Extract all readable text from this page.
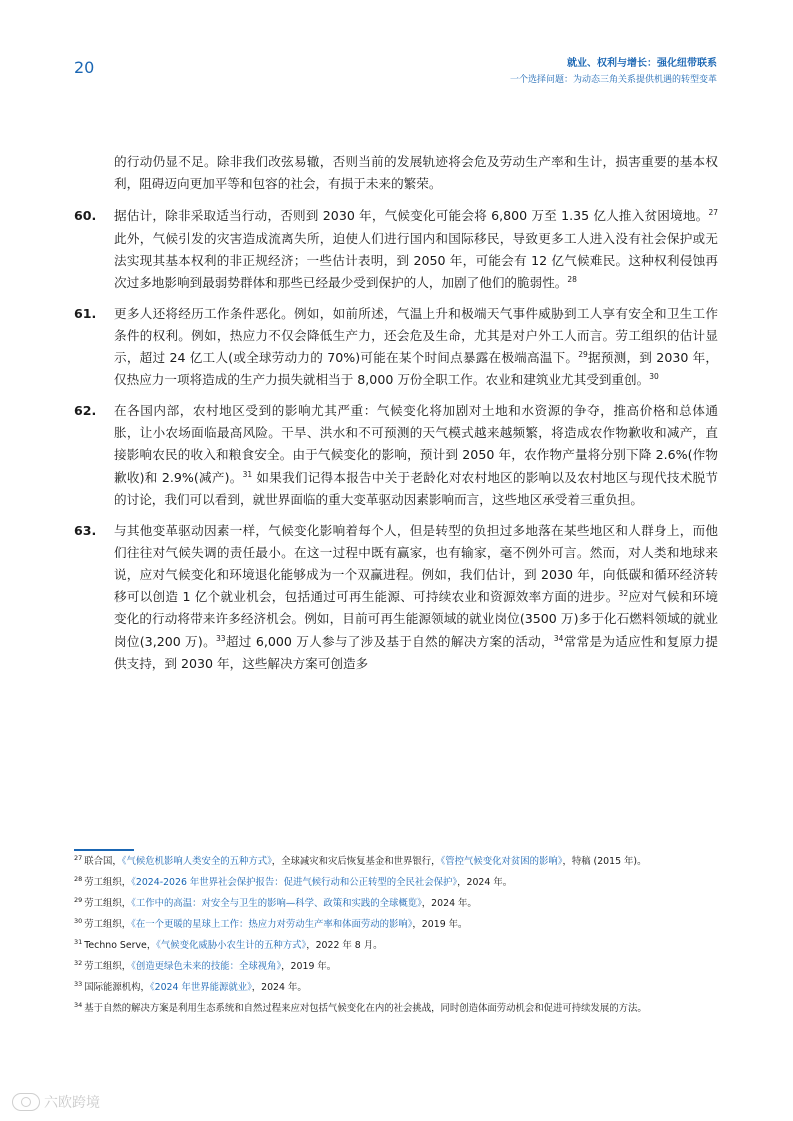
20	就业、权利与增长：强化纽带联系
一个选择问题：为动态三角关系提供机遇的转型变革
的行动仍显不足。除非我们改弦易辙，否则当前的发展轨迹将会危及劳动生产率和生计，损害重要的基本权利，阻碍迈向更加平等和包容的社会，有损于未来的繁荣。
60. 据估计，除非采取适当行动，否则到 2030 年，气候变化可能会将 6,800 万至 1.35 亿人推入贫困境地。$^{27}$ 此外，气候引发的灾害造成流离失所，迫使人们进行国内和国际移民，导致更多工人进入没有社会保护或无法实现其基本权利的非正规经济；一些估计表明，到 2050 年，可能会有 12 亿气候难民。这种权利侵蚀再次过多地影响到最弱势群体和那些已经最少受到保护的人，加剧了他们的脆弱性。$^{28}$
61. 更多人还将经历工作条件恶化。例如，如前所述，气温上升和极端天气事件威胁到工人享有安全和卫生工作条件的权利。例如，热应力不仅会降低生产力，还会危及生命，尤其是对户外工人而言。劳工组织的估计显示，超过 24 亿工人(或全球劳动力的 70%)可能在某个时间点暴露在极端高温下。$^{29}$据预测，到 2030 年，仅热应力一项将造成的生产力损失就相当于 8,000 万份全职工作。农业和建筑业尤其受到重创。$^{30}$
62. 在各国内部，农村地区受到的影响尤其严重：气候变化将加剧对土地和水资源的争夺，推高价格和总体通胀，让小农场面临最高风险。干旱、洪水和不可预测的天气模式越来越频繁，将造成农作物歉收和减产，直接影响农民的收入和粮食安全。由于气候变化的影响，预计到 2050 年，农作物产量将分别下降 2.6%(作物歉收)和 2.9%(减产)。$^{31}$ 如果我们记得本报告中关于老龄化对农村地区的影响以及农村地区与现代技术脱节的讨论，我们可以看到，就世界面临的重大变革驱动因素影响而言，这些地区承受着三重负担。
63. 与其他变革驱动因素一样，气候变化影响着每个人，但是转型的负担过多地落在某些地区和人群身上，而他们往往对气候失调的责任最小。在这一过程中既有赢家，也有输家，毫不例外可言。然而，对人类和地球来说，应对气候变化和环境退化能够成为一个双赢进程。例如，我们估计，到 2030 年，向低碳和循环经济转移可以创造 1 亿个就业机会，包括通过可再生能源、可持续农业和资源效率方面的进步。$^{32}$应对气候和环境变化的行动将带来许多经济机会。例如，目前可再生能源领域的就业岗位(3500 万)多于化石燃料领域的就业岗位(3,200 万)。$^{33}$超过 6,000 万人参与了涉及基于自然的解决方案的活动，$^{34}$常常是为适应性和复原力提供支持，到 2030 年，这些解决方案可创造多
$^{27}$ 联合国，《气候危机影响人类安全的五种方式》，全球减灾和灾后恢复基金和世界银行，《管控气候变化对贫困的影响》，特稿 (2015 年)。
$^{28}$ 劳工组织，《2024-2026 年世界社会保护报告：促进气候行动和公正转型的全民社会保护》，2024 年。
$^{29}$ 劳工组织，《工作中的高温：对安全与卫生的影响—科学、政策和实践的全球概览》，2024 年。
$^{30}$ 劳工组织，《在一个更暖的星球上工作：热应力对劳动生产率和体面劳动的影响》，2019 年。
$^{31}$ Techno Serve，《气候变化威胁小农生计的五种方式》，2022 年 8 月。
$^{32}$ 劳工组织，《创造更绿色未来的技能：全球视角》，2019 年。
$^{33}$ 国际能源机构，《2024 年世界能源就业》，2024 年。
$^{34}$ 基于自然的解决方案是利用生态系统和自然过程来应对包括气候变化在内的社会挑战，同时创造体面劳动机会和促进可持续发展的方法。
六欧跨境
